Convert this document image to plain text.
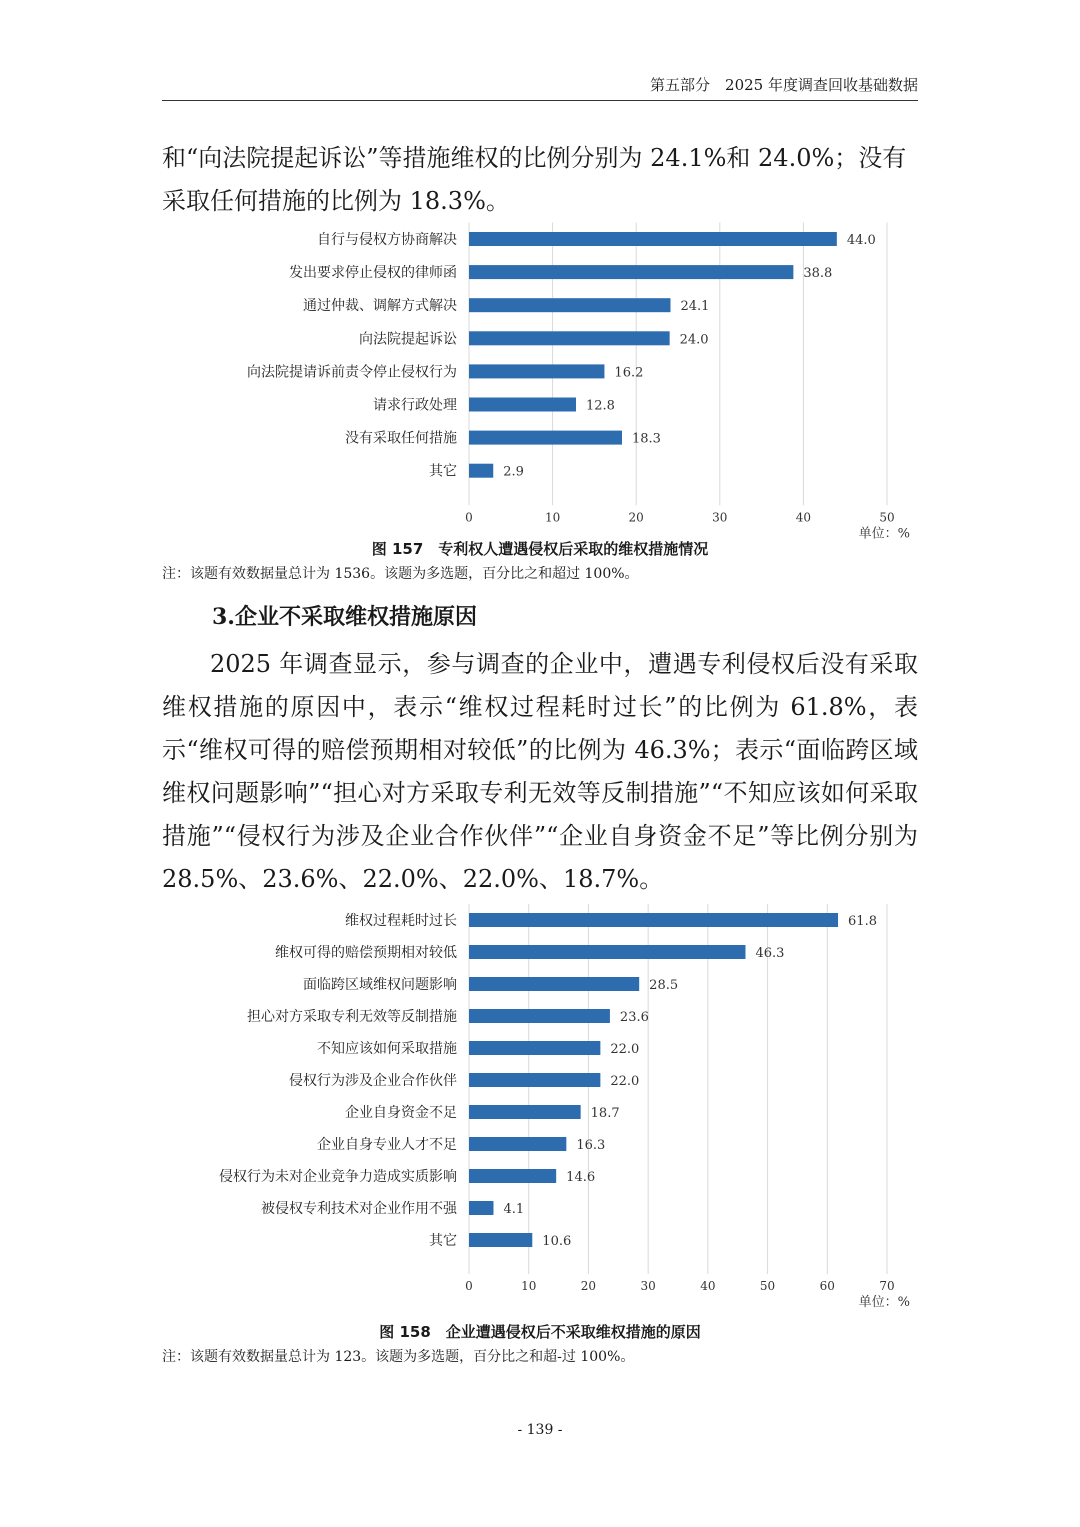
第五部分　2025 年度调查回收基础数据

和“向法院提起诉讼”等措施维权的比例分别为 24.1%和 24.0%；没有采取任何措施的比例为 18.3%。

0	10	20	30	40	50
自行与侵权方协商解决	44.0
发出要求停止侵权的律师函	38.8
通过仲裁、调解方式解决	24.1
向法院提起诉讼	24.0
向法院提请诉前责令停止侵权行为	16.2
请求行政处理	12.8
没有采取任何措施	18.3
其它	2.9
单位：%
图 157　专利权人遭遇侵权后采取的维权措施情况
注：该题有效数据量总计为 1536。该题为多选题，百分比之和超过 100%。
3.企业不采取维权措施原因

2025 年调查显示，参与调查的企业中，遭遇专利侵权后没有采取维权措施的原因中，表示“维权过程耗时过长”的比例为 61.8%，表示“维权可得的赔偿预期相对较低”的比例为 46.3%；表示“面临跨区域维权问题影响”“担心对方采取专利无效等反制措施”“不知应该如何采取措施”“侵权行为涉及企业合作伙伴”“企业自身资金不足”等比例分别为 28.5%、23.6%、22.0%、22.0%、18.7%。

0	10	20	30	40	50	60	70
维权过程耗时过长	61.8
维权可得的赔偿预期相对较低	46.3
面临跨区域维权问题影响	28.5
担心对方采取专利无效等反制措施	23.6
不知应该如何采取措施	22.0
侵权行为涉及企业合作伙伴	22.0
企业自身资金不足	18.7
企业自身专业人才不足	16.3
侵权行为未对企业竞争力造成实质影响	14.6
被侵权专利技术对企业作用不强	4.1
其它	10.6
单位：%
图 158　企业遭遇侵权后不采取维权措施的原因
注：该题有效数据量总计为 123。该题为多选题，百分比之和超-过 100%。
- 139 -
